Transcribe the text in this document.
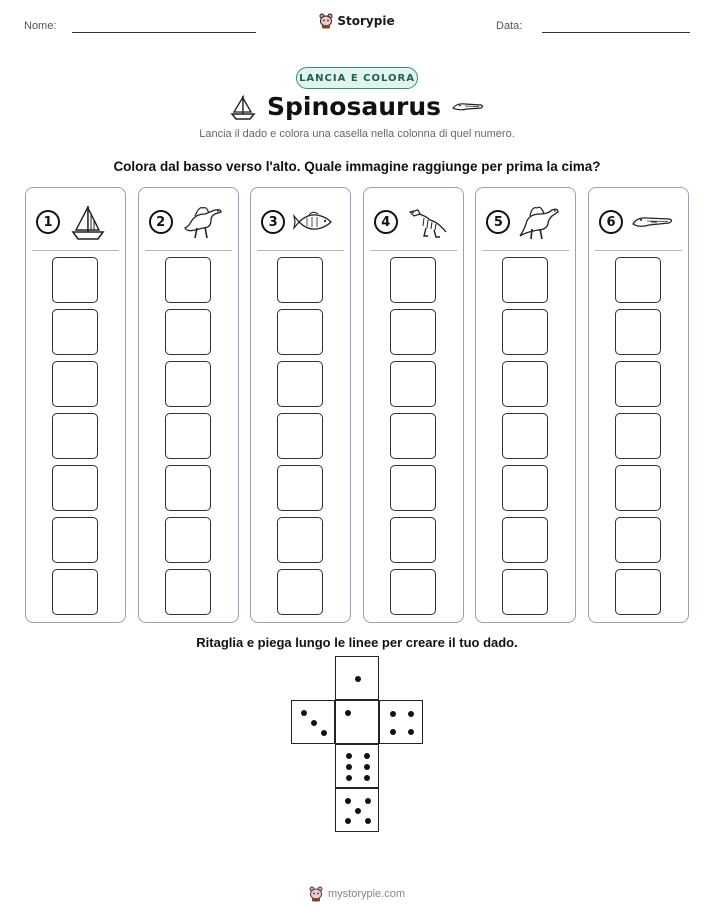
Nome:	Storypie	Data:
LANCIA E COLORA
Spinosaurus
Lancia il dado e colora una casella nella colonna di quel numero.
Colora dal basso verso l'alto. Quale immagine raggiunge per prima la cima?
1	2	3	4	5	6
Ritaglia e piega lungo le linee per creare il tuo dado.
mystorypie.com
